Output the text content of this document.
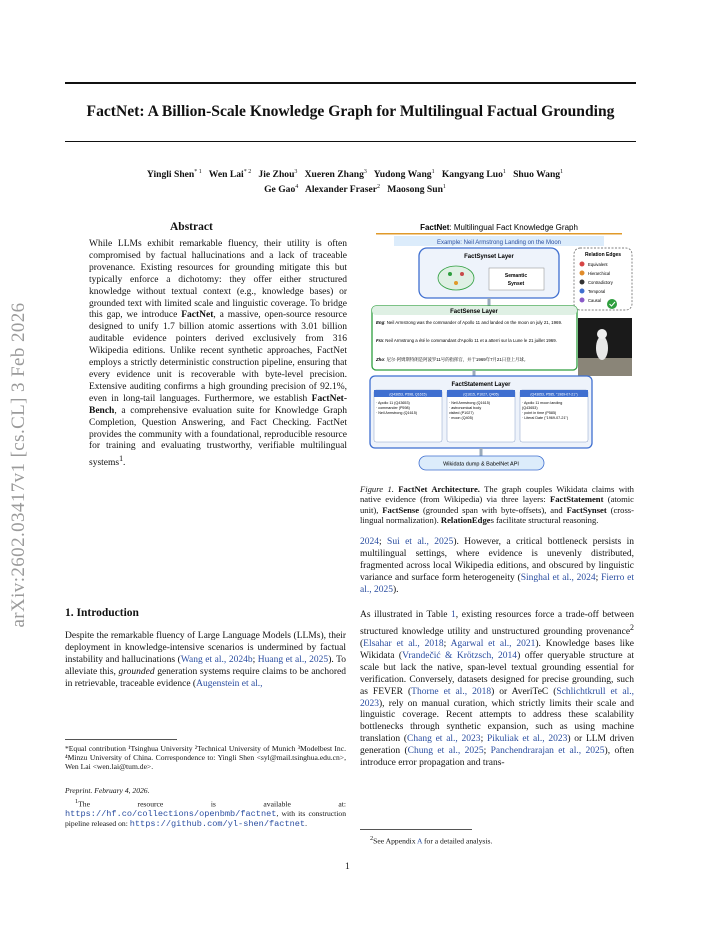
FactNet: A Billion-Scale Knowledge Graph for Multilingual Factual Grounding
Yingli Shen$^{* 1}$ Wen Lai$^{* 2}$ Jie Zhou$^3$ Xueren Zhang$^3$ Yudong Wang$^1$ Kangyang Luo$^1$ Shuo Wang$^1$
Ge Gao$^4$ Alexander Fraser$^2$ Maosong Sun$^1$
arXiv:2602.03417v1 [cs.CL] 3 Feb 2026
Abstract

While LLMs exhibit remarkable fluency, their utility is often compromised by factual hallucinations and a lack of traceable provenance. Existing resources for grounding mitigate this but typically enforce a dichotomy: they offer either structured knowledge without textual context (e.g., knowledge bases) or grounded text with limited scale and linguistic coverage. To bridge this gap, we introduce FactNet, a massive, open-source resource designed to unify 1.7 billion atomic assertions with 3.01 billion auditable evidence pointers derived exclusively from 316 Wikipedia editions. Unlike recent synthetic approaches, FactNet employs a strictly deterministic construction pipeline, ensuring that every evidence unit is recoverable with byte-level precision. Extensive auditing confirms a high grounding precision of 92.1%, even in long-tail languages. Furthermore, we establish FactNet-Bench, a comprehensive evaluation suite for Knowledge Graph Completion, Question Answering, and Fact Checking. FactNet provides the community with a foundational, reproducible resource for training and evaluating trustworthy, verifiable multilingual systems$^1$.

1. Introduction

Despite the remarkable fluency of Large Language Models (LLMs), their deployment in knowledge-intensive scenarios is undermined by factual instability and hallucinations (Wang et al., 2024b; Huang et al., 2025). To alleviate this, grounded generation systems require claims to be anchored in retrievable, traceable evidence (Augenstein et al.,

*Equal contribution ¹Tsinghua University ²Technical University of Munich ³Modelbest Inc. ⁴Minzu University of China. Correspondence to: Yingli Shen <syl@mail.tsinghua.edu.cn>, Wen Lai <wen.lai@tum.de>.

Preprint. February 4, 2026.

$^1$The resource is available at: https://hf.co/collections/openbmb/factnet, with its construction pipeline released on: https://github.com/yl-shen/factnet.

FactNet: Multilingual Fact Knowledge Graph
Example: Neil Armstrong Landing on the Moon
FactSynset Layer
Semantic
Synset
Relation Edges
Equivalent
Hierarchical
Contradictory
Temporal
Causal
FactSense Layer
Eng: Neil Armstrong was the commander of Apollo 11 and landed on the moon on july 21, 1969.
Fra: Neil Armstrong a été le commandant d'Apollo 11 et a atterri sur la Lune le 21 juillet 1969.
Zho: 尼尔·阿姆斯特朗是阿波罗11号的指挥官，并于1969年7月21日登上月球。
FactStatement Layer
(Q43653, P598, Q1615)
· Apollo 11 (Q43653)
· commander (P598)
· Neil Armstrong (Q1615)
(Q1615, P1027, Q405)
· Neil Armstrong (Q1615)
· astronomical body
visited (P1027)
· moon (Q405)
(Q43653, P585, "1969-07-21")
· Apollo 11 moon landing
(Q43653)
· point in time (P585)
· Literal Date ("1969-07-21")
Wikidata dump & BabelNet API

Figure 1. FactNet Architecture. The graph couples Wikidata claims with native evidence (from Wikipedia) via three layers: FactStatement (atomic unit), FactSense (grounded span with byte-offsets), and FactSynset (cross-lingual normalization). RelationEdges facilitate structural reasoning.

2024; Sui et al., 2025). However, a critical bottleneck persists in multilingual settings, where evidence is unevenly distributed, fragmented across local Wikipedia editions, and obscured by linguistic variance and surface form heterogeneity (Singhal et al., 2024; Fierro et al., 2025).

As illustrated in Table 1, existing resources force a trade-off between structured knowledge utility and unstructured grounding provenance$^2$ (Elsahar et al., 2018; Agarwal et al., 2021). Knowledge bases like Wikidata (Vrandečić & Krötzsch, 2014) offer queryable structure at scale but lack the native, span-level textual grounding essential for verification. Conversely, datasets designed for precise grounding, such as FEVER (Thorne et al., 2018) or AveriTeC (Schlichtkrull et al., 2023), rely on manual curation, which strictly limits their scale and linguistic coverage. Recent attempts to address these scalability bottlenecks through synthetic expansion, such as using machine translation (Chang et al., 2023; Pikuliak et al., 2023) or LLM driven generation (Chung et al., 2025; Panchendrarajan et al., 2025), often introduce error propagation and trans-

$^2$See Appendix A for a detailed analysis.

1
